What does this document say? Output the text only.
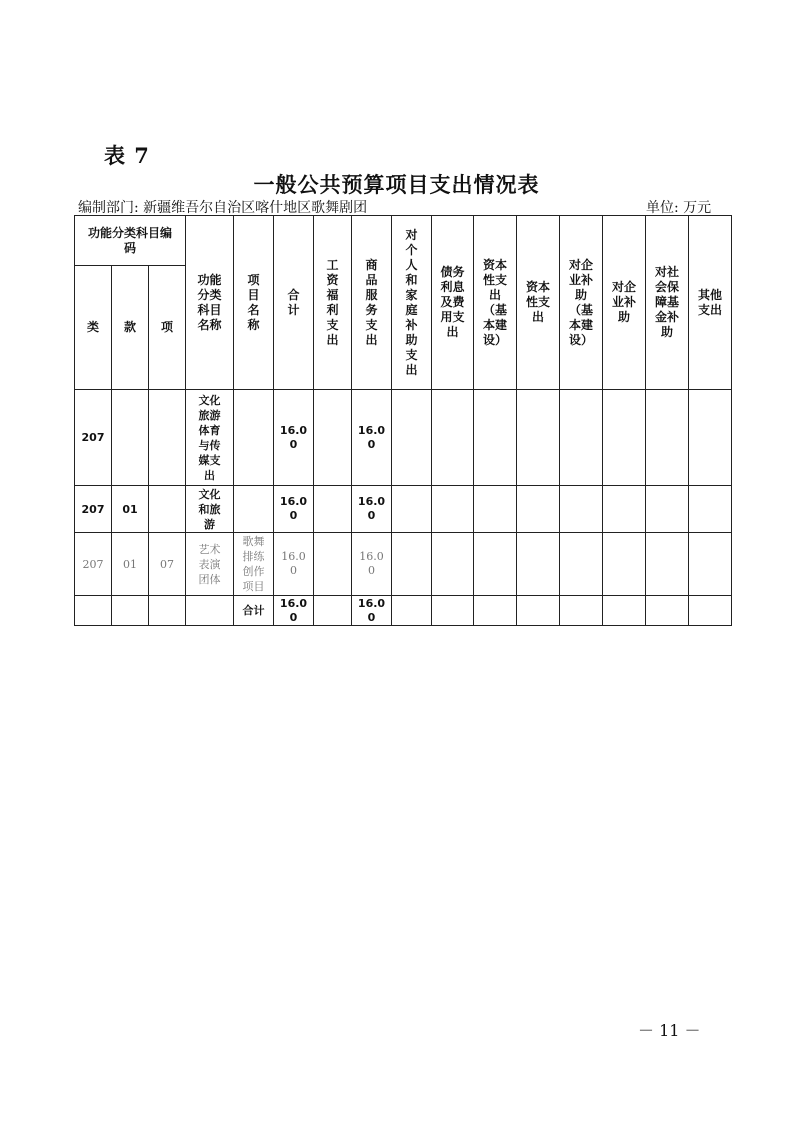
表 7
一般公共预算项目支出情况表
编制部门: 新疆维吾尔自治区喀什地区歌舞剧团	单位: 万元
功能分类科目编码			功能分类科目名称	项目名称	合计	工资福利支出	商品服务支出	对个人和家庭补助支出	债务利息及费用支出	资本性支出（基本建设）	资本性支出	对企业补助（基本建设）	对企业补助	对社会保障基金补助	其他支出
类	款	项													
207			文化旅游体育与传媒支出		16.00		16.00								
207	01		文化和旅游		16.00		16.00								
207	01	07	艺术表演团体	歌舞排练创作项目	16.00		16.00								
				合计	16.00		16.00								
－ 11 －
